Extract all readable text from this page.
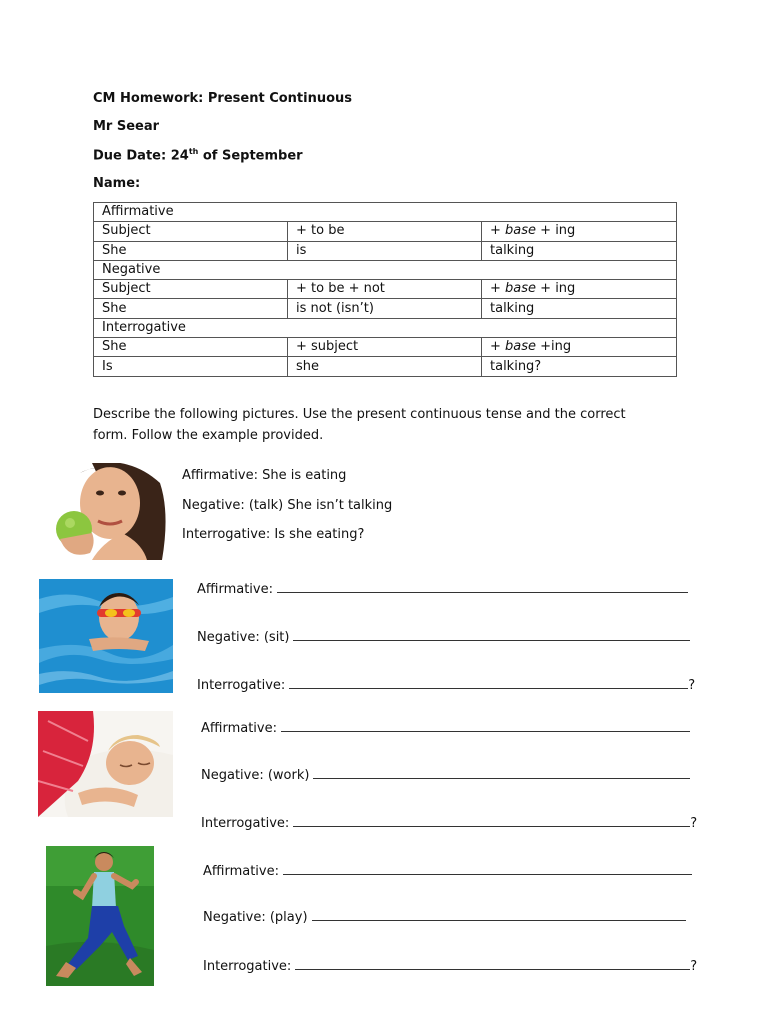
CM Homework: Present Continuous
Mr Seear
Due Date: 24th of September
Name:
Affirmative		
Subject	+ to be	+ base + ing
She	is	talking
Negative		
Subject	+ to be + not	+ base + ing
She	is not (isn’t)	talking
Interrogative		
She	+ subject	+ base +ing
Is	she	talking?
Describe the following pictures. Use the present continuous tense and the correct form. Follow the example provided.
Affirmative: She is eating
Negative: (talk) She isn’t talking
Interrogative: Is she eating?
Affirmative:
Negative: (sit)
Interrogative:	?
Affirmative:
Negative: (work)
Interrogative:	?
Affirmative:
Negative: (play)
Interrogative:	?
